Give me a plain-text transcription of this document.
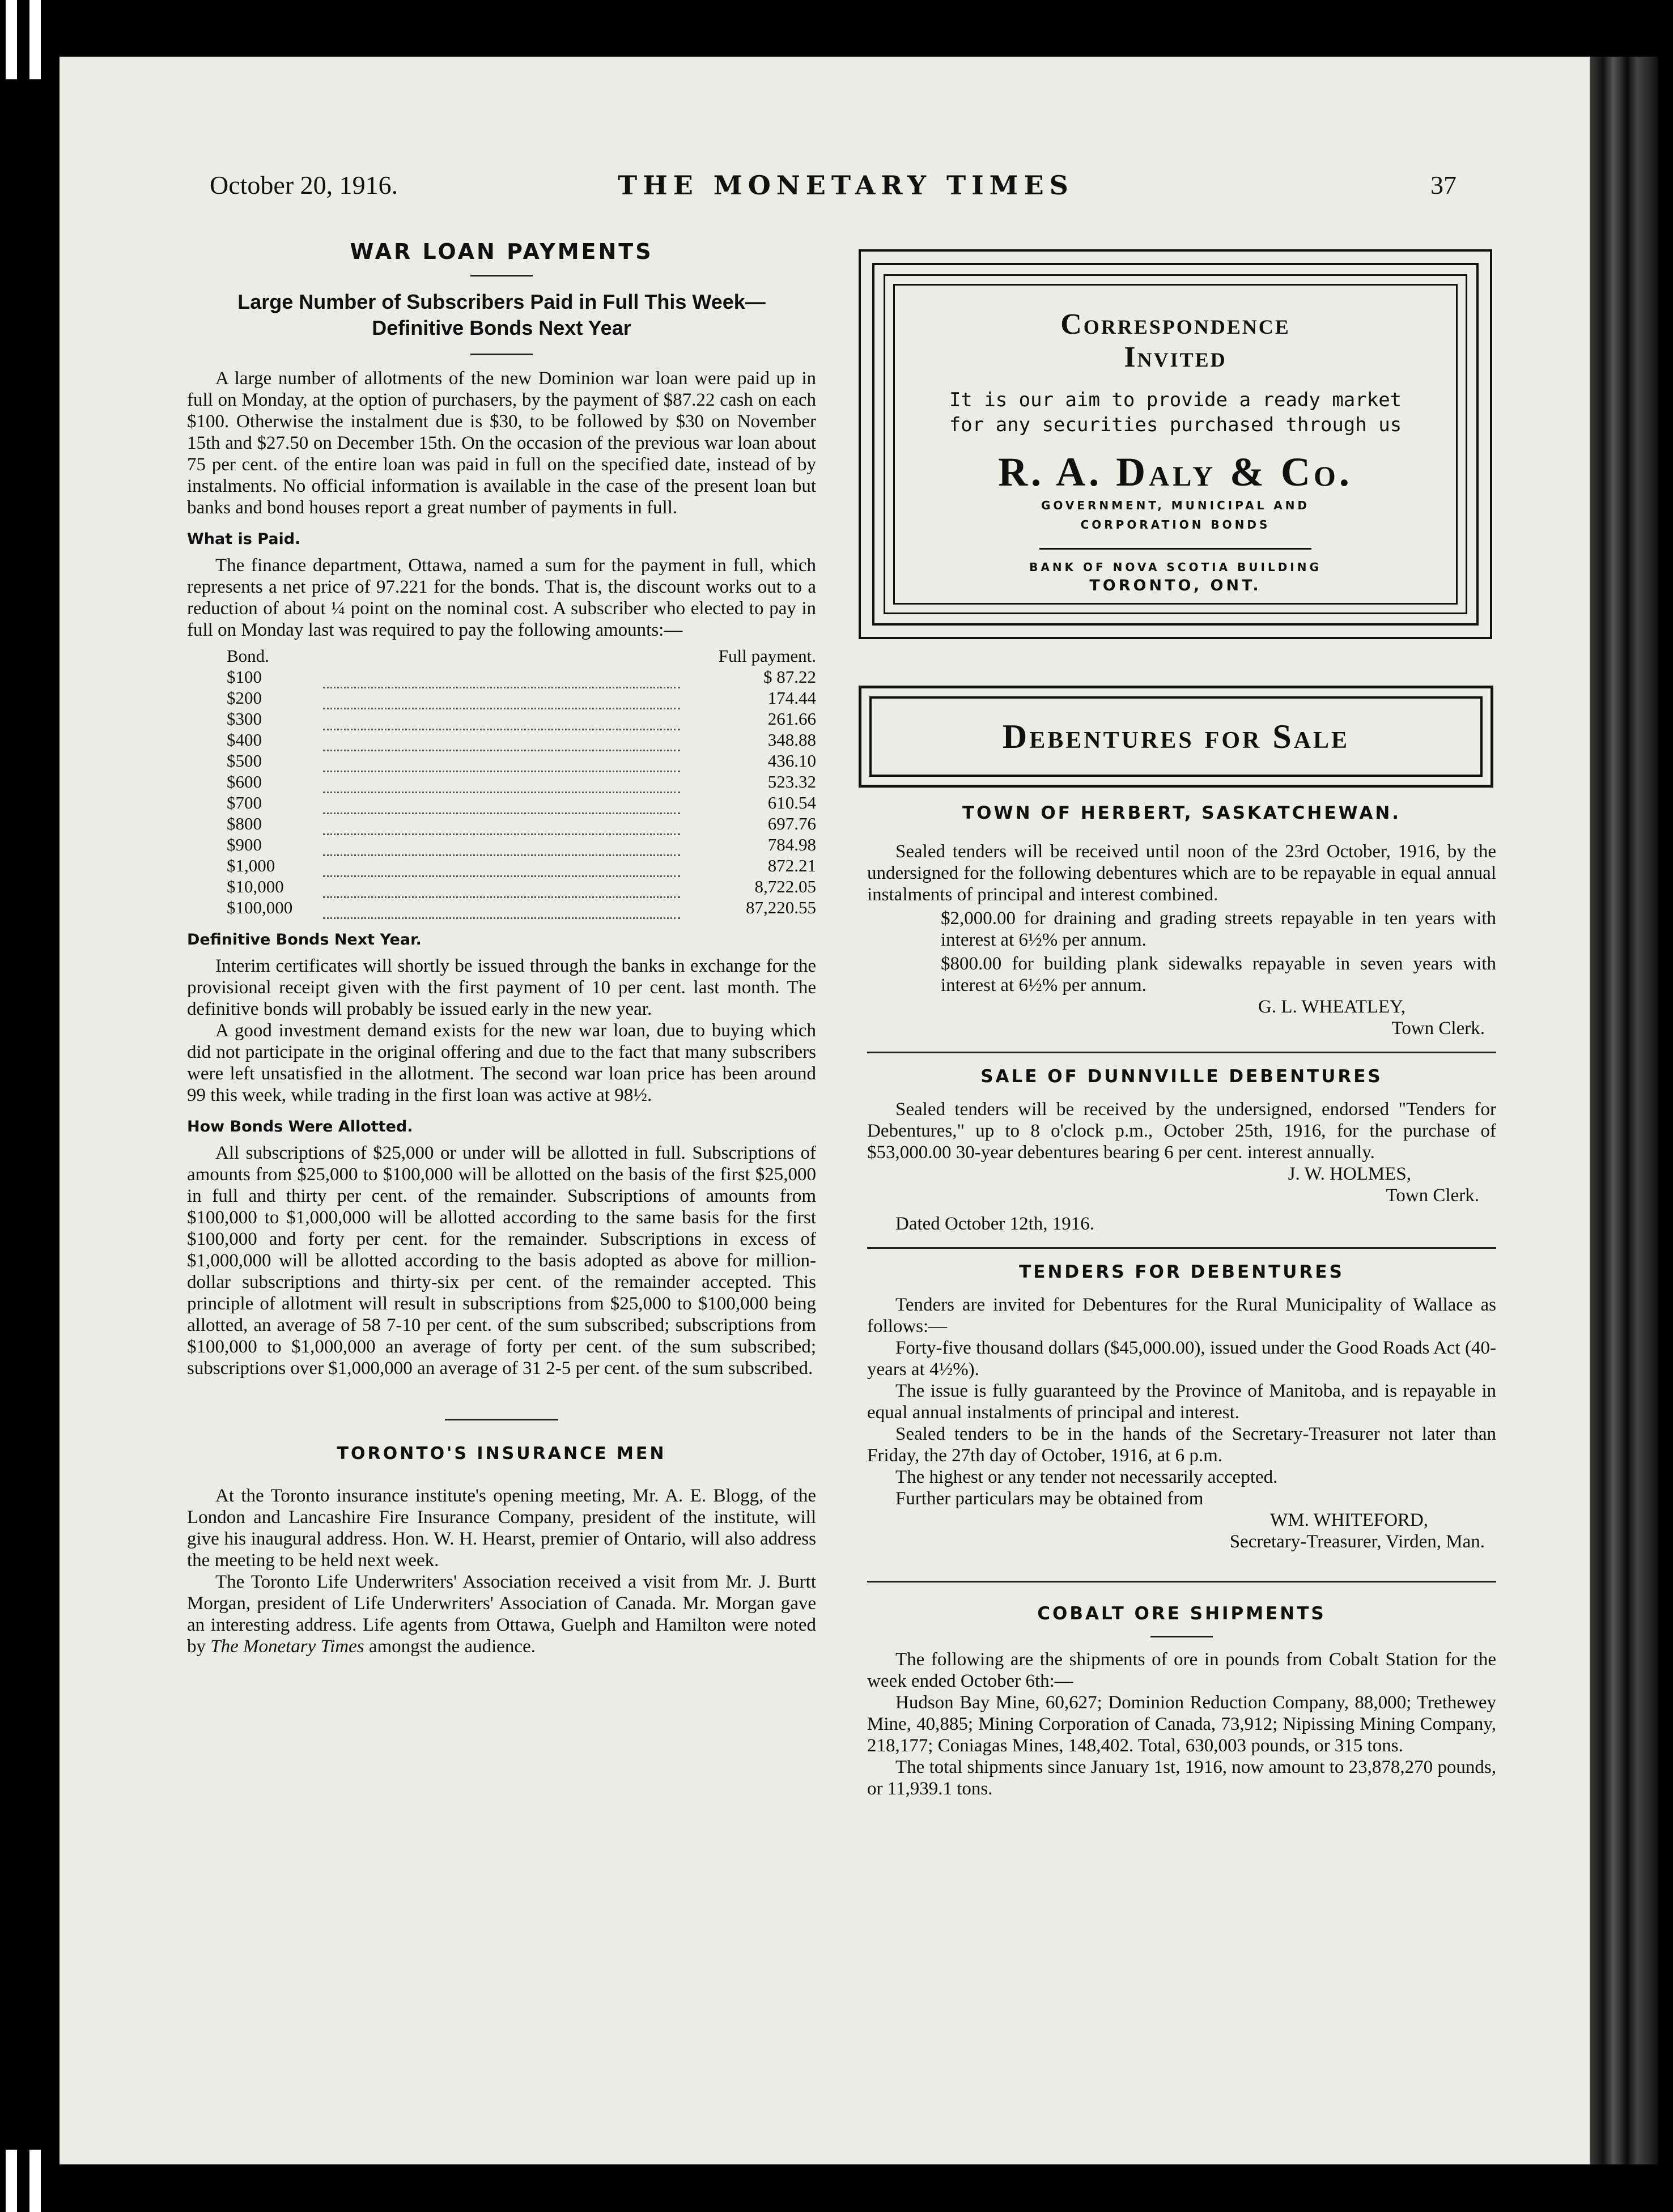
October 20, 1916.	THE MONETARY TIMES	37
WAR LOAN PAYMENTS
Large Number of Subscribers Paid in Full This Week—
Definitive Bonds Next Year

A large number of allotments of the new Dominion war loan were paid up in full on Monday, at the option of purchasers, by the payment of $87.22 cash on each $100. Otherwise the instalment due is $30, to be followed by $30 on November 15th and $27.50 on December 15th. On the occasion of the previous war loan about 75 per cent. of the entire loan was paid in full on the specified date, instead of by instalments. No official information is available in the case of the present loan but banks and bond houses report a great number of payments in full.

What is Paid.

The finance department, Ottawa, named a sum for the payment in full, which represents a net price of 97.221 for the bonds. That is, the discount works out to a reduction of about ¼ point on the nominal cost. A subscriber who elected to pay in full on Monday last was required to pay the following amounts:—

Bond.		Full payment.
$100		$ 87.22
$200		174.44
$300		261.66
$400		348.88
$500		436.10
$600		523.32
$700		610.54
$800		697.76
$900		784.98
$1,000		872.21
$10,000		8,722.05
$100,000		87,220.55
Definitive Bonds Next Year.

Interim certificates will shortly be issued through the banks in exchange for the provisional receipt given with the first payment of 10 per cent. last month. The definitive bonds will probably be issued early in the new year.

A good investment demand exists for the new war loan, due to buying which did not participate in the original offering and due to the fact that many subscribers were left unsatisfied in the allotment. The second war loan price has been around 99 this week, while trading in the first loan was active at 98½.

How Bonds Were Allotted.

All subscriptions of $25,000 or under will be allotted in full. Subscriptions of amounts from $25,000 to $100,000 will be allotted on the basis of the first $25,000 in full and thirty per cent. of the remainder. Subscriptions of amounts from $100,000 to $1,000,000 will be allotted according to the same basis for the first $100,000 and forty per cent. for the remainder. Subscriptions in excess of $1,000,000 will be allotted according to the basis adopted as above for million-dollar subscriptions and thirty-six per cent. of the remainder accepted. This principle of allotment will result in subscriptions from $25,000 to $100,000 being allotted, an average of 58 7-10 per cent. of the sum subscribed; subscriptions from $100,000 to $1,000,000 an average of forty per cent. of the sum subscribed; subscriptions over $1,000,000 an average of 31 2-5 per cent. of the sum subscribed.

TORONTO'S INSURANCE MEN

At the Toronto insurance institute's opening meeting, Mr. A. E. Blogg, of the London and Lancashire Fire Insurance Company, president of the institute, will give his inaugural address. Hon. W. H. Hearst, premier of Ontario, will also address the meeting to be held next week.

The Toronto Life Underwriters' Association received a visit from Mr. J. Burtt Morgan, president of Life Underwriters' Association of Canada. Mr. Morgan gave an interesting address. Life agents from Ottawa, Guelph and Hamilton were noted by The Monetary Times amongst the audience.

Correspondence
Invited
It is our aim to provide a ready market
for any securities purchased through us
R. A. Daly & Co.
GOVERNMENT, MUNICIPAL AND
CORPORATION BONDS
BANK OF NOVA SCOTIA BUILDING
TORONTO, ONT.
Debentures for Sale
TOWN OF HERBERT, SASKATCHEWAN.

Sealed tenders will be received until noon of the 23rd October, 1916, by the undersigned for the following debentures which are to be repayable in equal annual instalments of principal and interest combined.

$2,000.00 for draining and grading streets repayable in ten years with interest at 6½% per annum.

$800.00 for building plank sidewalks repayable in seven years with interest at 6½% per annum.

G. L. WHEATLEY,
Town Clerk.
SALE OF DUNNVILLE DEBENTURES

Sealed tenders will be received by the undersigned, endorsed "Tenders for Debentures," up to 8 o'clock p.m., October 25th, 1916, for the purchase of $53,000.00 30-year debentures bearing 6 per cent. interest annually.

J. W. HOLMES,
Town Clerk.

Dated October 12th, 1916.

TENDERS FOR DEBENTURES

Tenders are invited for Debentures for the Rural Municipality of Wallace as follows:—

Forty-five thousand dollars ($45,000.00), issued under the Good Roads Act (40-years at 4½%).

The issue is fully guaranteed by the Province of Manitoba, and is repayable in equal annual instalments of principal and interest.

Sealed tenders to be in the hands of the Secretary-Treasurer not later than Friday, the 27th day of October, 1916, at 6 p.m.

The highest or any tender not necessarily accepted.

Further particulars may be obtained from

WM. WHITEFORD,
Secretary-Treasurer, Virden, Man.
COBALT ORE SHIPMENTS

The following are the shipments of ore in pounds from Cobalt Station for the week ended October 6th:—

Hudson Bay Mine, 60,627; Dominion Reduction Company, 88,000; Trethewey Mine, 40,885; Mining Corporation of Canada, 73,912; Nipissing Mining Company, 218,177; Coniagas Mines, 148,402. Total, 630,003 pounds, or 315 tons.

The total shipments since January 1st, 1916, now amount to 23,878,270 pounds, or 11,939.1 tons.
